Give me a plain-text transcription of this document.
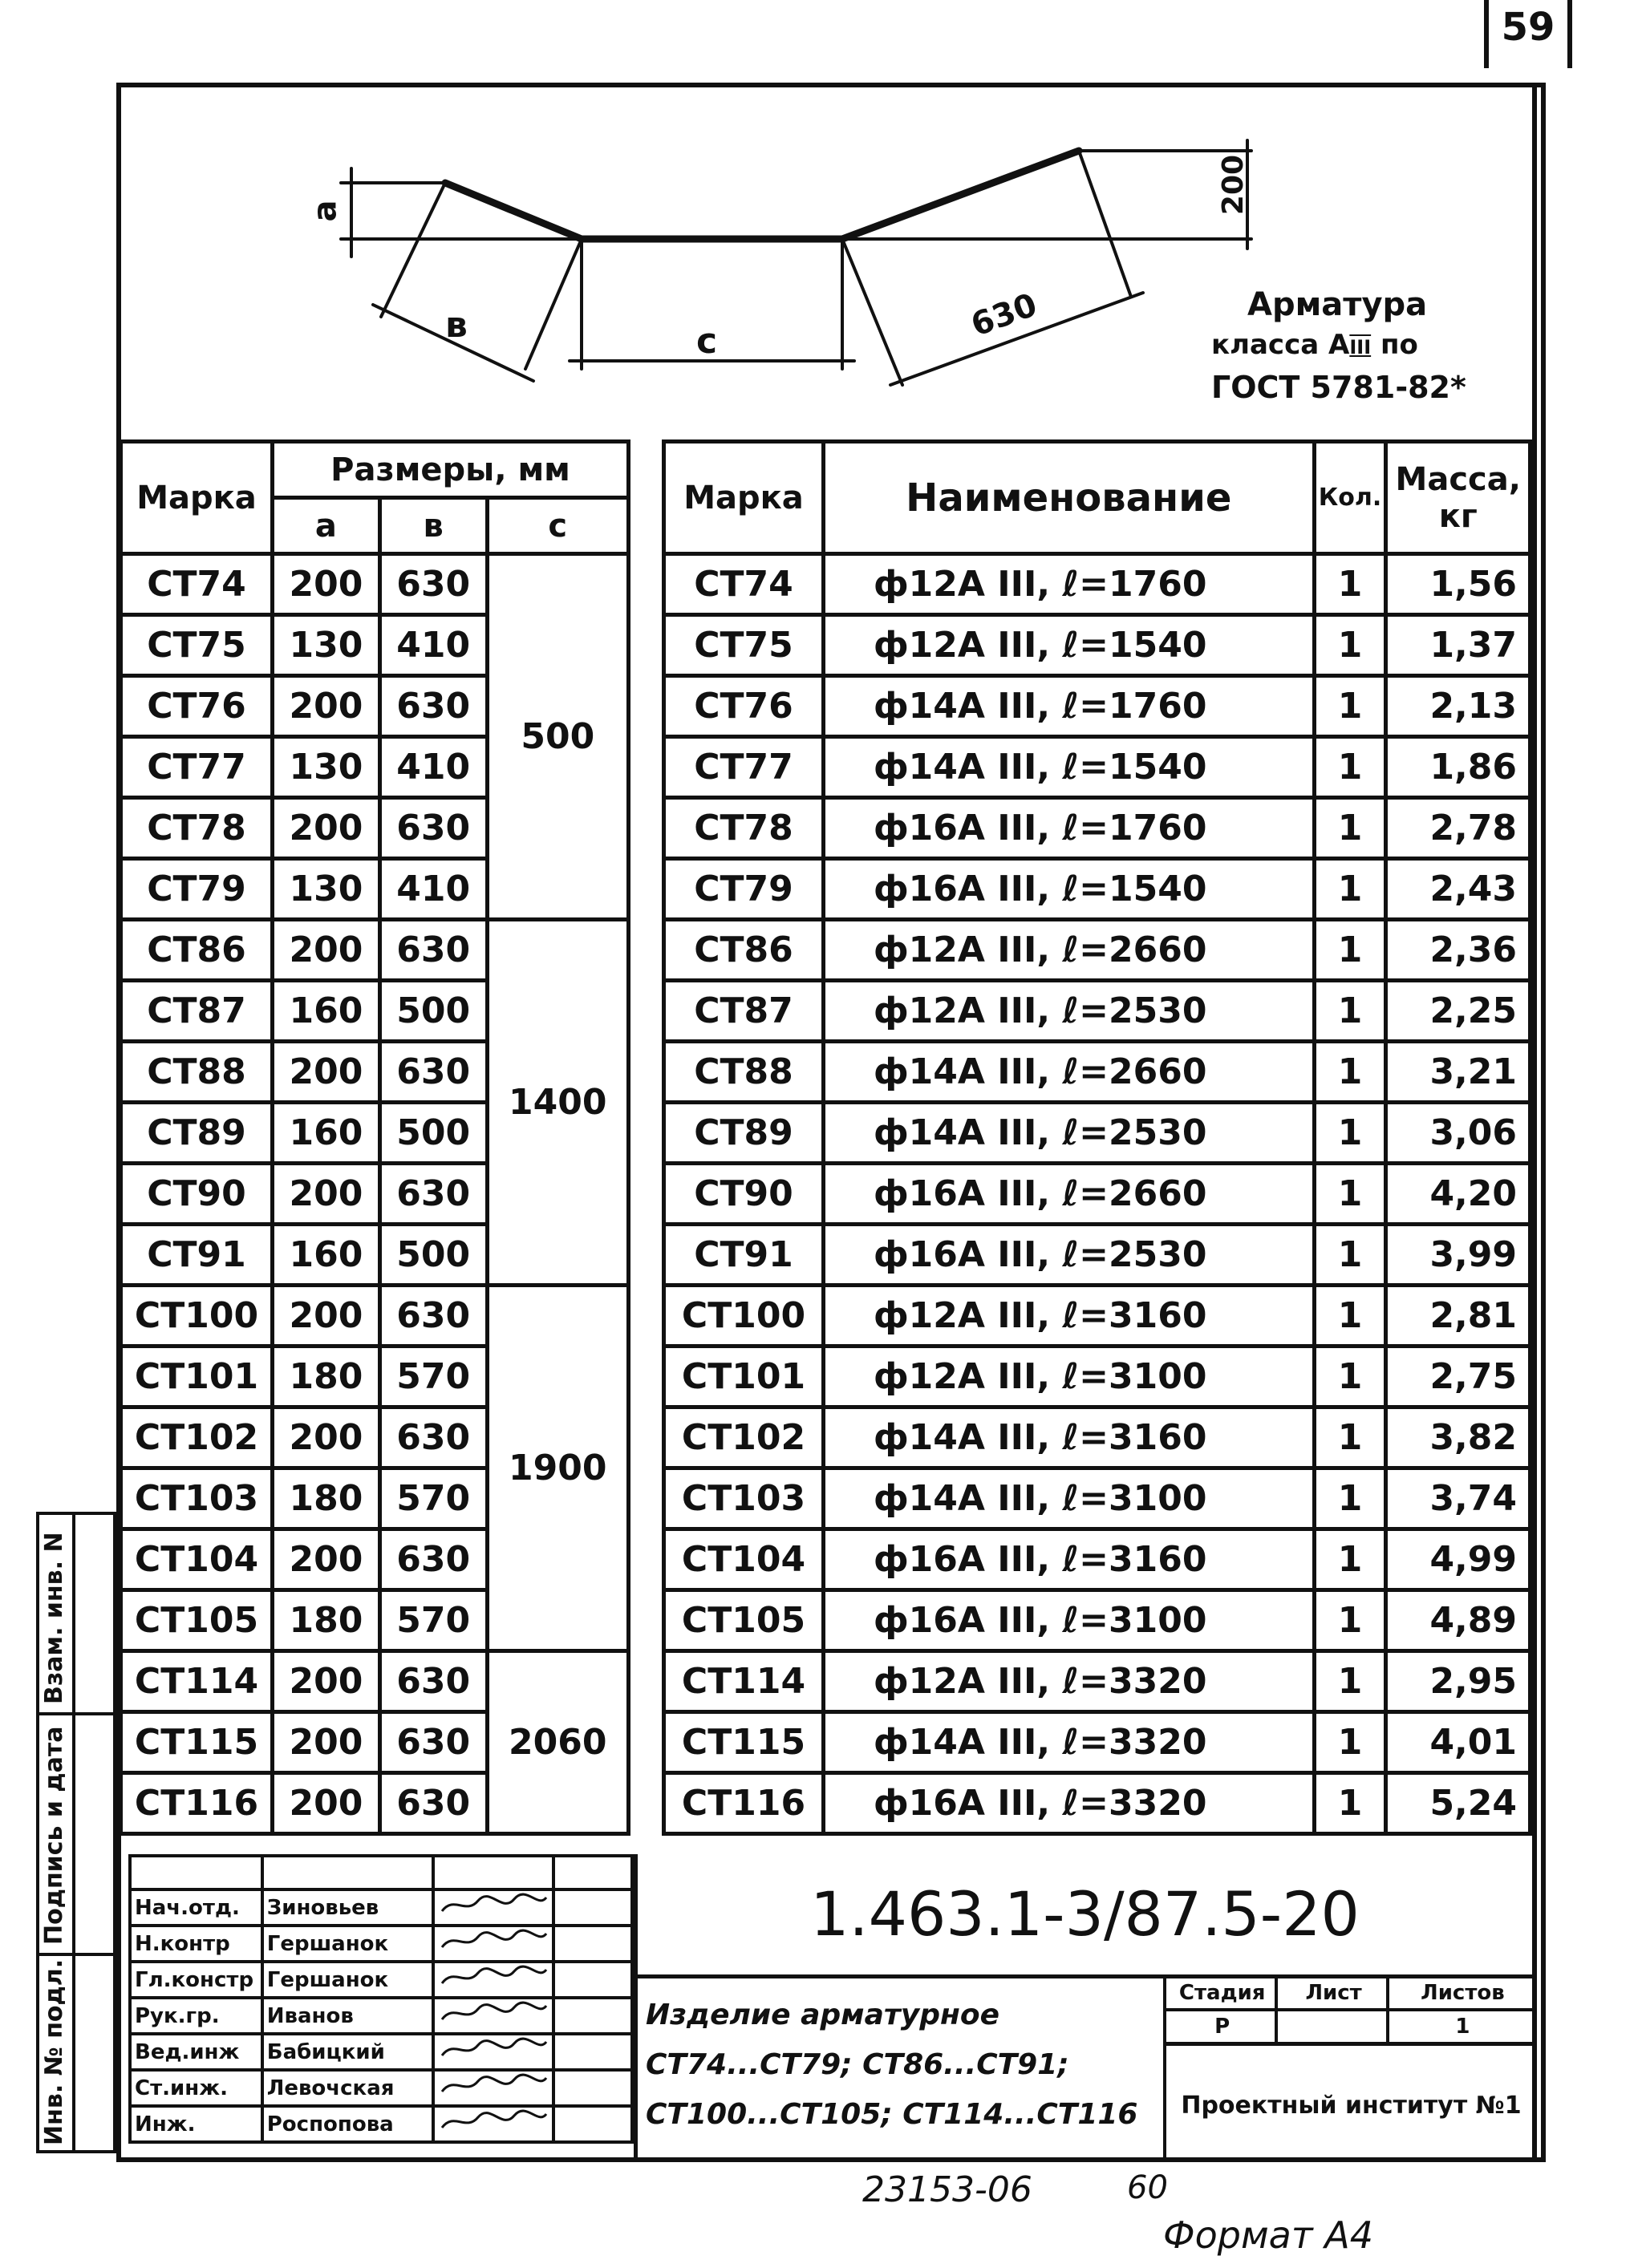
59
a
в	c	630
200
Арматура
класса АIII по
ГОСТ 5781-82*
Марка	Размеры, мм		
	a	в	c
CT74	200	630	500
CT75	130	410	
CT76	200	630	
CT77	130	410	
CT78	200	630	
CT79	130	410	
CT86	200	630	1400
CT87	160	500	
CT88	200	630	
CT89	160	500	
CT90	200	630	
CT91	160	500	
CT100	200	630	1900
CT101	180	570	
CT102	200	630	
CT103	180	570	
CT104	200	630	
CT105	180	570	
CT114	200	630	2060
CT115	200	630	
CT116	200	630	
Марка	Наименование	Кол.	Масса, кг
CT74	ф12A III, ℓ=1760	1	1,56
CT75	ф12A III, ℓ=1540	1	1,37
CT76	ф14A III, ℓ=1760	1	2,13
CT77	ф14A III, ℓ=1540	1	1,86
CT78	ф16A III, ℓ=1760	1	2,78
CT79	ф16A III, ℓ=1540	1	2,43
CT86	ф12A III, ℓ=2660	1	2,36
CT87	ф12A III, ℓ=2530	1	2,25
CT88	ф14A III, ℓ=2660	1	3,21
CT89	ф14A III, ℓ=2530	1	3,06
CT90	ф16A III, ℓ=2660	1	4,20
CT91	ф16A III, ℓ=2530	1	3,99
CT100	ф12A III, ℓ=3160	1	2,81
CT101	ф12A III, ℓ=3100	1	2,75
CT102	ф14A III, ℓ=3160	1	3,82
CT103	ф14A III, ℓ=3100	1	3,74
CT104	ф16A III, ℓ=3160	1	4,99
CT105	ф16A III, ℓ=3100	1	4,89
CT114	ф12A III, ℓ=3320	1	2,95
CT115	ф14A III, ℓ=3320	1	4,01
CT116	ф16A III, ℓ=3320	1	5,24
Инв. № подл.
Подпись и дата
Взам. инв. N

Нач.отд.	Зиновьев		
Н.контр	Гершанок		
Гл.констр	Гершанок		
Рук.гр.	Иванов		
Вед.инж	Бабицкий		
Ст.инж.	Левочская		
Инж.	Роспопова		
1.463.1-3/87.5-20
Изделие арматурное
CT74...CT79; CT86...CT91;
CT100...CT105; CT114...CT116
Стадия	Лист	Листов
Р		1
Проектный институт №1
23153-06	60
Формат А4
